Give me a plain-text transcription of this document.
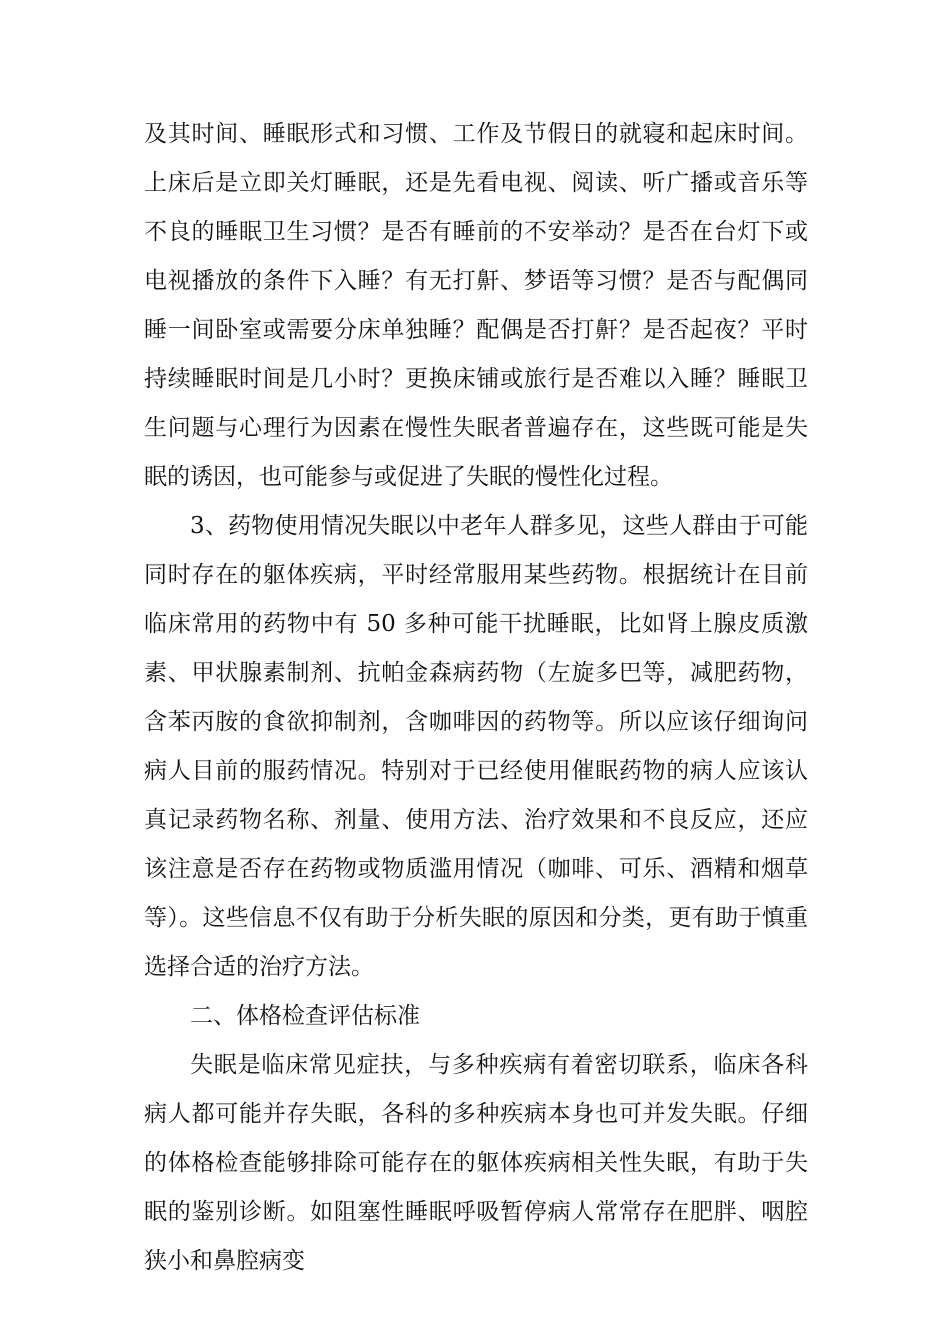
及其时间、睡眠形式和习惯、工作及节假日的就寝和起床时间。上床后是立即关灯睡眠，还是先看电视、阅读、听广播或音乐等不良的睡眠卫生习惯？是否有睡前的不安举动？是否在台灯下或电视播放的条件下入睡？有无打鼾、梦语等习惯？是否与配偶同睡一间卧室或需要分床单独睡？配偶是否打鼾？是否起夜？平时持续睡眠时间是几小时？更换床铺或旅行是否难以入睡？睡眠卫生问题与心理行为因素在慢性失眠者普遍存在，这些既可能是失眠的诱因，也可能参与或促进了失眠的慢性化过程。

3、药物使用情况失眠以中老年人群多见，这些人群由于可能同时存在的躯体疾病，平时经常服用某些药物。根据统计在目前临床常用的药物中有 50 多种可能干扰睡眠，比如肾上腺皮质激素、甲状腺素制剂、抗帕金森病药物（左旋多巴等，减肥药物，含苯丙胺的食欲抑制剂，含咖啡因的药物等。所以应该仔细询问病人目前的服药情况。特别对于已经使用催眠药物的病人应该认真记录药物名称、剂量、使用方法、治疗效果和不良反应，还应该注意是否存在药物或物质滥用情况（咖啡、可乐、酒精和烟草等）。这些信息不仅有助于分析失眠的原因和分类，更有助于慎重选择合适的治疗方法。

二、体格检查评估标准

失眠是临床常见症扶，与多种疾病有着密切联系，临床各科病人都可能并存失眠，各科的多种疾病本身也可并发失眠。仔细的体格检查能够排除可能存在的躯体疾病相关性失眠，有助于失眠的鉴别诊断。如阻塞性睡眠呼吸暂停病人常常存在肥胖、咽腔狭小和鼻腔病变
